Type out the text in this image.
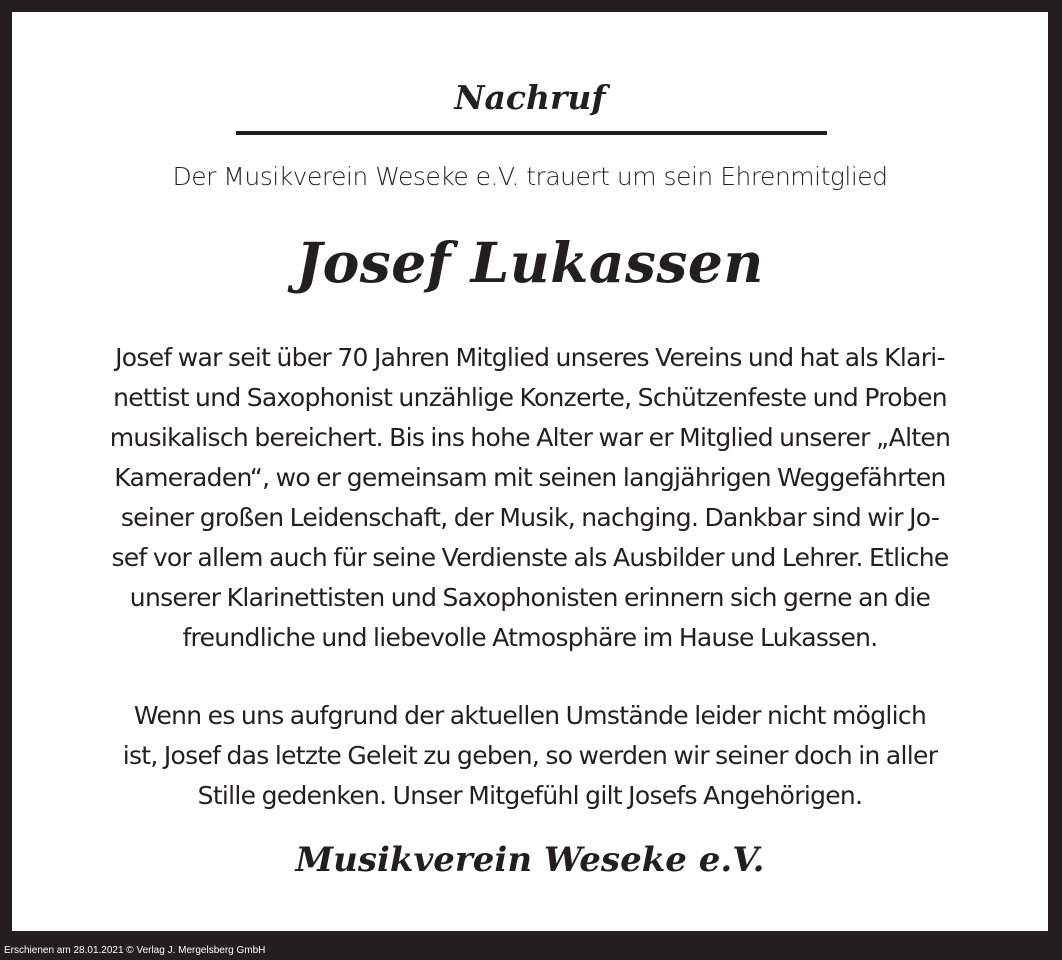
Nachruf
Der Musikverein Weseke e.V. trauert um sein Ehrenmitglied
Josef Lukassen

Josef war seit über 70 Jahren Mitglied unseres Vereins und hat als Klari-
nettist und Saxophonist unzählige Konzerte, Schützenfeste und Proben
musikalisch bereichert. Bis ins hohe Alter war er Mitglied unserer „Alten
Kameraden“, wo er gemeinsam mit seinen langjährigen Weggefährten
seiner großen Leidenschaft, der Musik, nachging. Dankbar sind wir Jo-
sef vor allem auch für seine Verdienste als Ausbilder und Lehrer. Etliche
unserer Klarinettisten und Saxophonisten erinnern sich gerne an die
freundliche und liebevolle Atmosphäre im Hause Lukassen.

Wenn es uns aufgrund der aktuellen Umstände leider nicht möglich
ist, Josef das letzte Geleit zu geben, so werden wir seiner doch in aller
Stille gedenken. Unser Mitgefühl gilt Josefs Angehörigen.

Musikverein Weseke e.V.
Erschienen am 28.01.2021 © Verlag J. Mergelsberg GmbH
